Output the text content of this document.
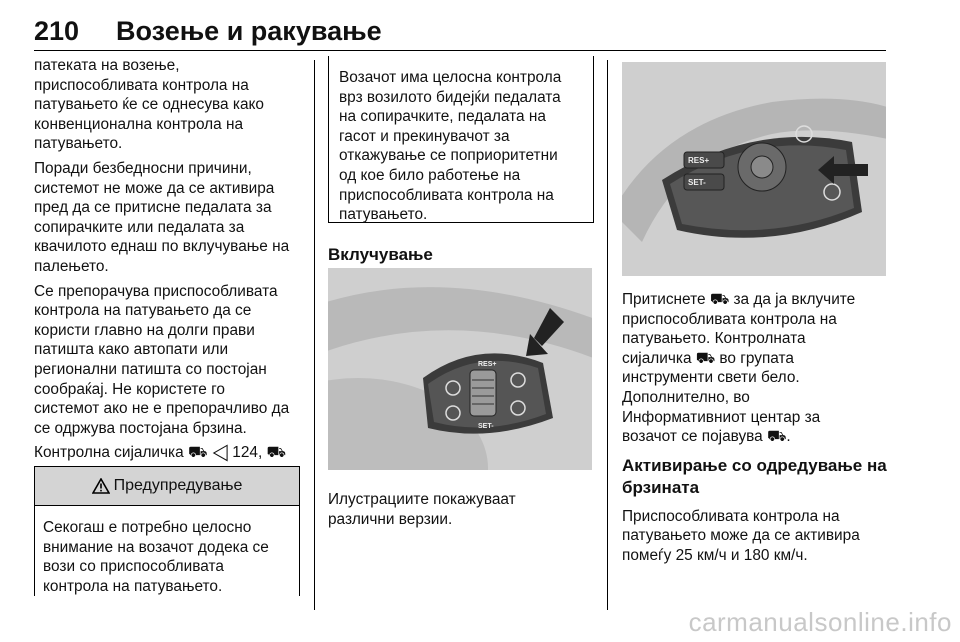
210 Возење и ракување

патеката на возење,
приспособливата контрола на
патувањето ќе се однесува како
конвенционална контрола на
патувањето.

Поради безбедносни причини,
системот не може да се активира
пред да се притисне педалата за
сопирачките или педалата за
квачилото еднаш по вклучување на
палењето.

Се препорачува приспособливата
контрола на патувањето да се
користи главно на долги прави
патишта како автопати или
регионални патишта со постојан
сообраќај. Не користете го
системот ако не е препорачливо да
се одржува постојана брзина.

Контролна сијаличка ⛟ ◁ 124, ⛟

Предупредување

Секогаш е потребно целосно
внимание на возачот додека се
вози со приспособливата
контрола на патувањето.

Возачот има целосна контрола
врз возилото бидејќи педалата
на сопирачките, педалата на
гасот и прекинувачот за
откажување се поприоритетни
од кое било работење на
приспособливата контрола на
патувањето.

Вклучување
RES+
SET-

Илустрациите покажуваат
различни верзии.

RES+
SET-

Притиснете ⛟ за да ја вклучите
приспособливата контрола на
патувањето. Контролната
сијаличка ⛟ во групата
инструменти свети бело.
Дополнително, во
Информативниот центар за
возачот се појавува ⛟.

Активирање со одредување на
брзината

Приспособливата контрола на
патувањето може да се активира
помеѓу 25 км/ч и 180 км/ч.

carmanualsonline.info
